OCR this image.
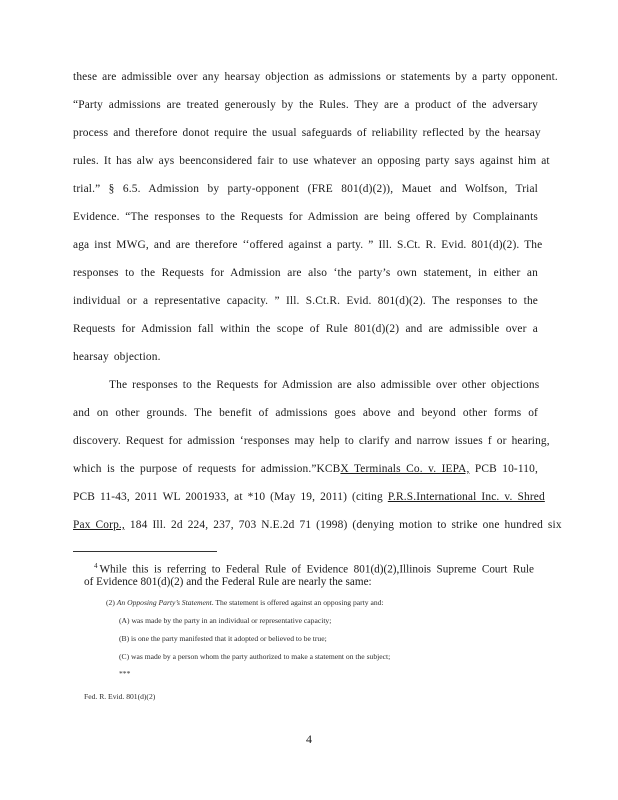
these are admissible over any hearsay objection as admissions or statements by a party opponent.
“Party admissions are treated generously by the Rules. They are a product of the adversary
process and therefore donot require the usual safeguards of reliability reflected by the hearsay
rules. It has alw ays beenconsidered fair to use whatever an opposing party says against him at
trial.” § 6.5. Admission by party-opponent (FRE 801(d)(2)), Mauet and Wolfson, Trial
Evidence. “The responses to the Requests for Admission are being offered by Complainants
aga inst MWG, and are therefore ‘‘offered against a party. ” Ill. S.Ct. R. Evid. 801(d)(2). The
responses to the Requests for Admission are also ‘the party’s own statement, in either an
individual or a representative capacity. ” Ill. S.Ct.R. Evid. 801(d)(2). The responses to the
Requests for Admission fall within the scope of Rule 801(d)(2) and are admissible over a
hearsay objection.
The responses to the Requests for Admission are also admissible over other objections
and on other grounds. The benefit of admissions goes above and beyond other forms of
discovery. Request for admission ‘responses may help to clarify and narrow issues f or hearing,
which is the purpose of requests for admission.”KCBX Terminals Co. v. IEPA, PCB 10-110,
PCB 11-43, 2011 WL 2001933, at *10 (May 19, 2011) (citing P.R.S.International Inc. v. Shred
Pax Corp., 184 Ill. 2d 224, 237, 703 N.E.2d 71 (1998) (denying motion to strike one hundred six
$^4$ While this is referring to Federal Rule of Evidence 801(d)(2),Illinois Supreme Court Rule
of Evidence 801(d)(2) and the Federal Rule are nearly the same:
(2) An Opposing Party’s Statement. The statement is offered against an opposing party and:
(A) was made by the party in an individual or representative capacity;
(B) is one the party manifested that it adopted or believed to be true;
(C) was made by a person whom the party authorized to make a statement on the subject;
***
Fed. R. Evid. 801(d)(2)
4
